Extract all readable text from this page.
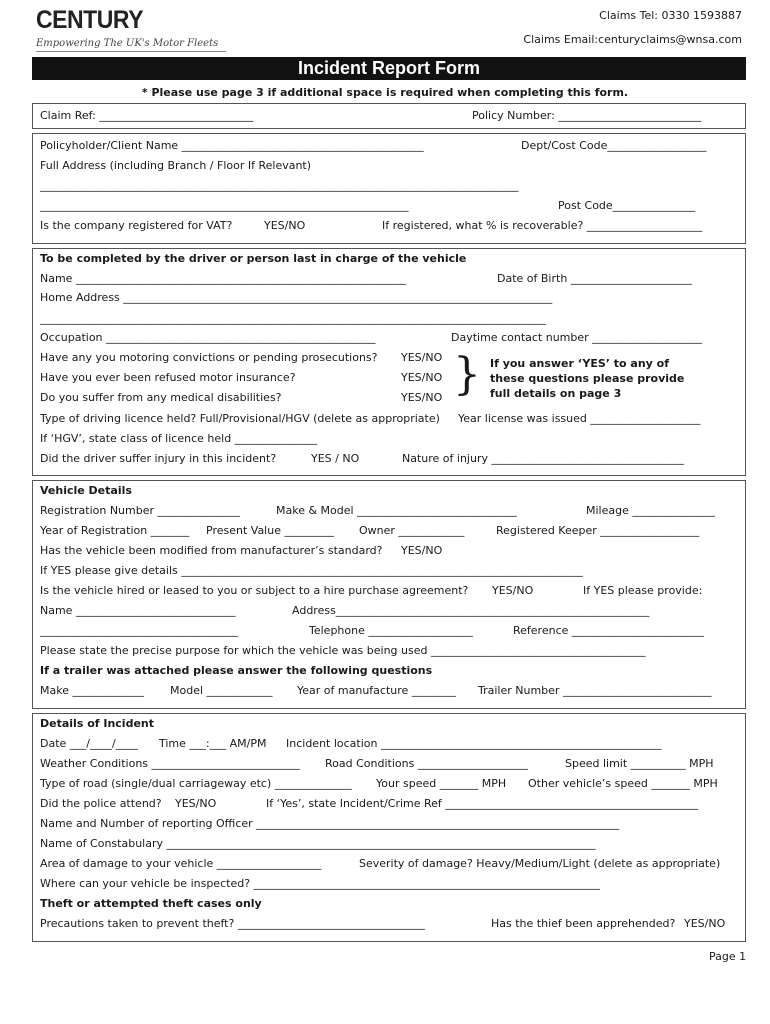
CENTURY
Empowering The UK's Motor Fleets
Claims Tel: 0330 1593887
Claims Email:centuryclaims@wnsa.com
Incident Report Form
* Please use page 3 if additional space is required when completing this form.
Claim Ref: ____________________________	Policy Number: __________________________
Policyholder/Client Name ____________________________________________	Dept/Cost Code__________________
Full Address (including Branch / Floor If Relevant)
_______________________________________________________________________________________
___________________________________________________________________	Post Code_______________
Is the company registered for VAT?	YES/NO	If registered, what % is recoverable? _____________________
To be completed by the driver or person last in charge of the vehicle
Name ____________________________________________________________	Date of Birth ______________________
Home Address ______________________________________________________________________________
____________________________________________________________________________________________
Occupation _________________________________________________	Daytime contact number ____________________
Have any you motoring convictions or pending prosecutions? YES/NO
Have you ever been refused motor insurance?	YES/NO
Do you suffer from any medical disabilities?	YES/NO } If you answer ‘YES’ to any of
these questions please provide
full details on page 3
Type of driving licence held? Full/Provisional/HGV (delete as appropriate) Year license was issued ____________________
If ‘HGV’, state class of licence held _______________
Did the driver suffer injury in this incident?	YES / NO	Nature of injury ___________________________________
Vehicle Details
Registration Number _______________	Make & Model _____________________________	Mileage _______________
Year of Registration _______ Present Value _________ Owner ____________	Registered Keeper __________________
Has the vehicle been modified from manufacturer’s standard? YES/NO
If YES please give details _________________________________________________________________________
Is the vehicle hired or leased to you or subject to a hire purchase agreement? YES/NO	If YES please provide:
Name _____________________________	Address_________________________________________________________
____________________________________	Telephone ___________________	Reference ________________________
Please state the precise purpose for which the vehicle was being used _______________________________________
If a trailer was attached please answer the following questions
Make _____________ Model ____________ Year of manufacture ________ Trailer Number ___________________________
Details of Incident
Date ___/____/____ Time ___:___ AM/PM Incident location ___________________________________________________
Weather Conditions ___________________________ Road Conditions ____________________	Speed limit __________ MPH
Type of road (single/dual carriageway etc) ______________ Your speed _______ MPH Other vehicle’s speed _______ MPH
Did the police attend? YES/NO	If ‘Yes’, state Incident/Crime Ref ______________________________________________
Name and Number of reporting Officer __________________________________________________________________
Name of Constabulary ______________________________________________________________________________
Area of damage to your vehicle ___________________	Severity of damage? Heavy/Medium/Light (delete as appropriate)
Where can your vehicle be inspected? _______________________________________________________________
Theft or attempted theft cases only
Precautions taken to prevent theft? __________________________________	Has the thief been apprehended? YES/NO
Page 1
